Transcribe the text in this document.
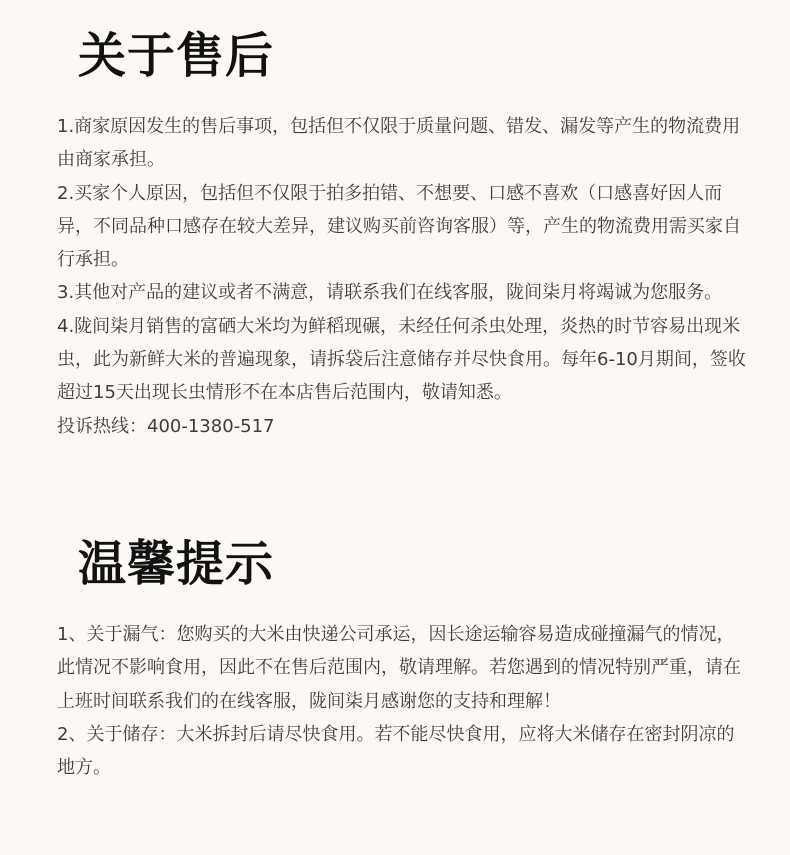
关于售后

1.商家原因发生的售后事项，包括但不仅限于质量问题、错发、漏发等产生的物流费用由商家承担。

2.买家个人原因，包括但不仅限于拍多拍错、不想要、口感不喜欢（口感喜好因人而异，不同品种口感存在较大差异，建议购买前咨询客服）等，产生的物流费用需买家自行承担。

3.其他对产品的建议或者不满意，请联系我们在线客服，陇间柒月将竭诚为您服务。

4.陇间柒月销售的富硒大米均为鲜稻现碾，未经任何杀虫处理，炎热的时节容易出现米虫，此为新鲜大米的普遍现象，请拆袋后注意储存并尽快食用。每年6-10月期间，签收超过15天出现长虫情形不在本店售后范围内，敬请知悉。

投诉热线：400-1380-517

温馨提示

1、关于漏气：您购买的大米由快递公司承运，因长途运输容易造成碰撞漏气的情况，此情况不影响食用，因此不在售后范围内，敬请理解。若您遇到的情况特别严重，请在上班时间联系我们的在线客服，陇间柒月感谢您的支持和理解！

2、关于储存：大米拆封后请尽快食用。若不能尽快食用，应将大米储存在密封阴凉的地方。
